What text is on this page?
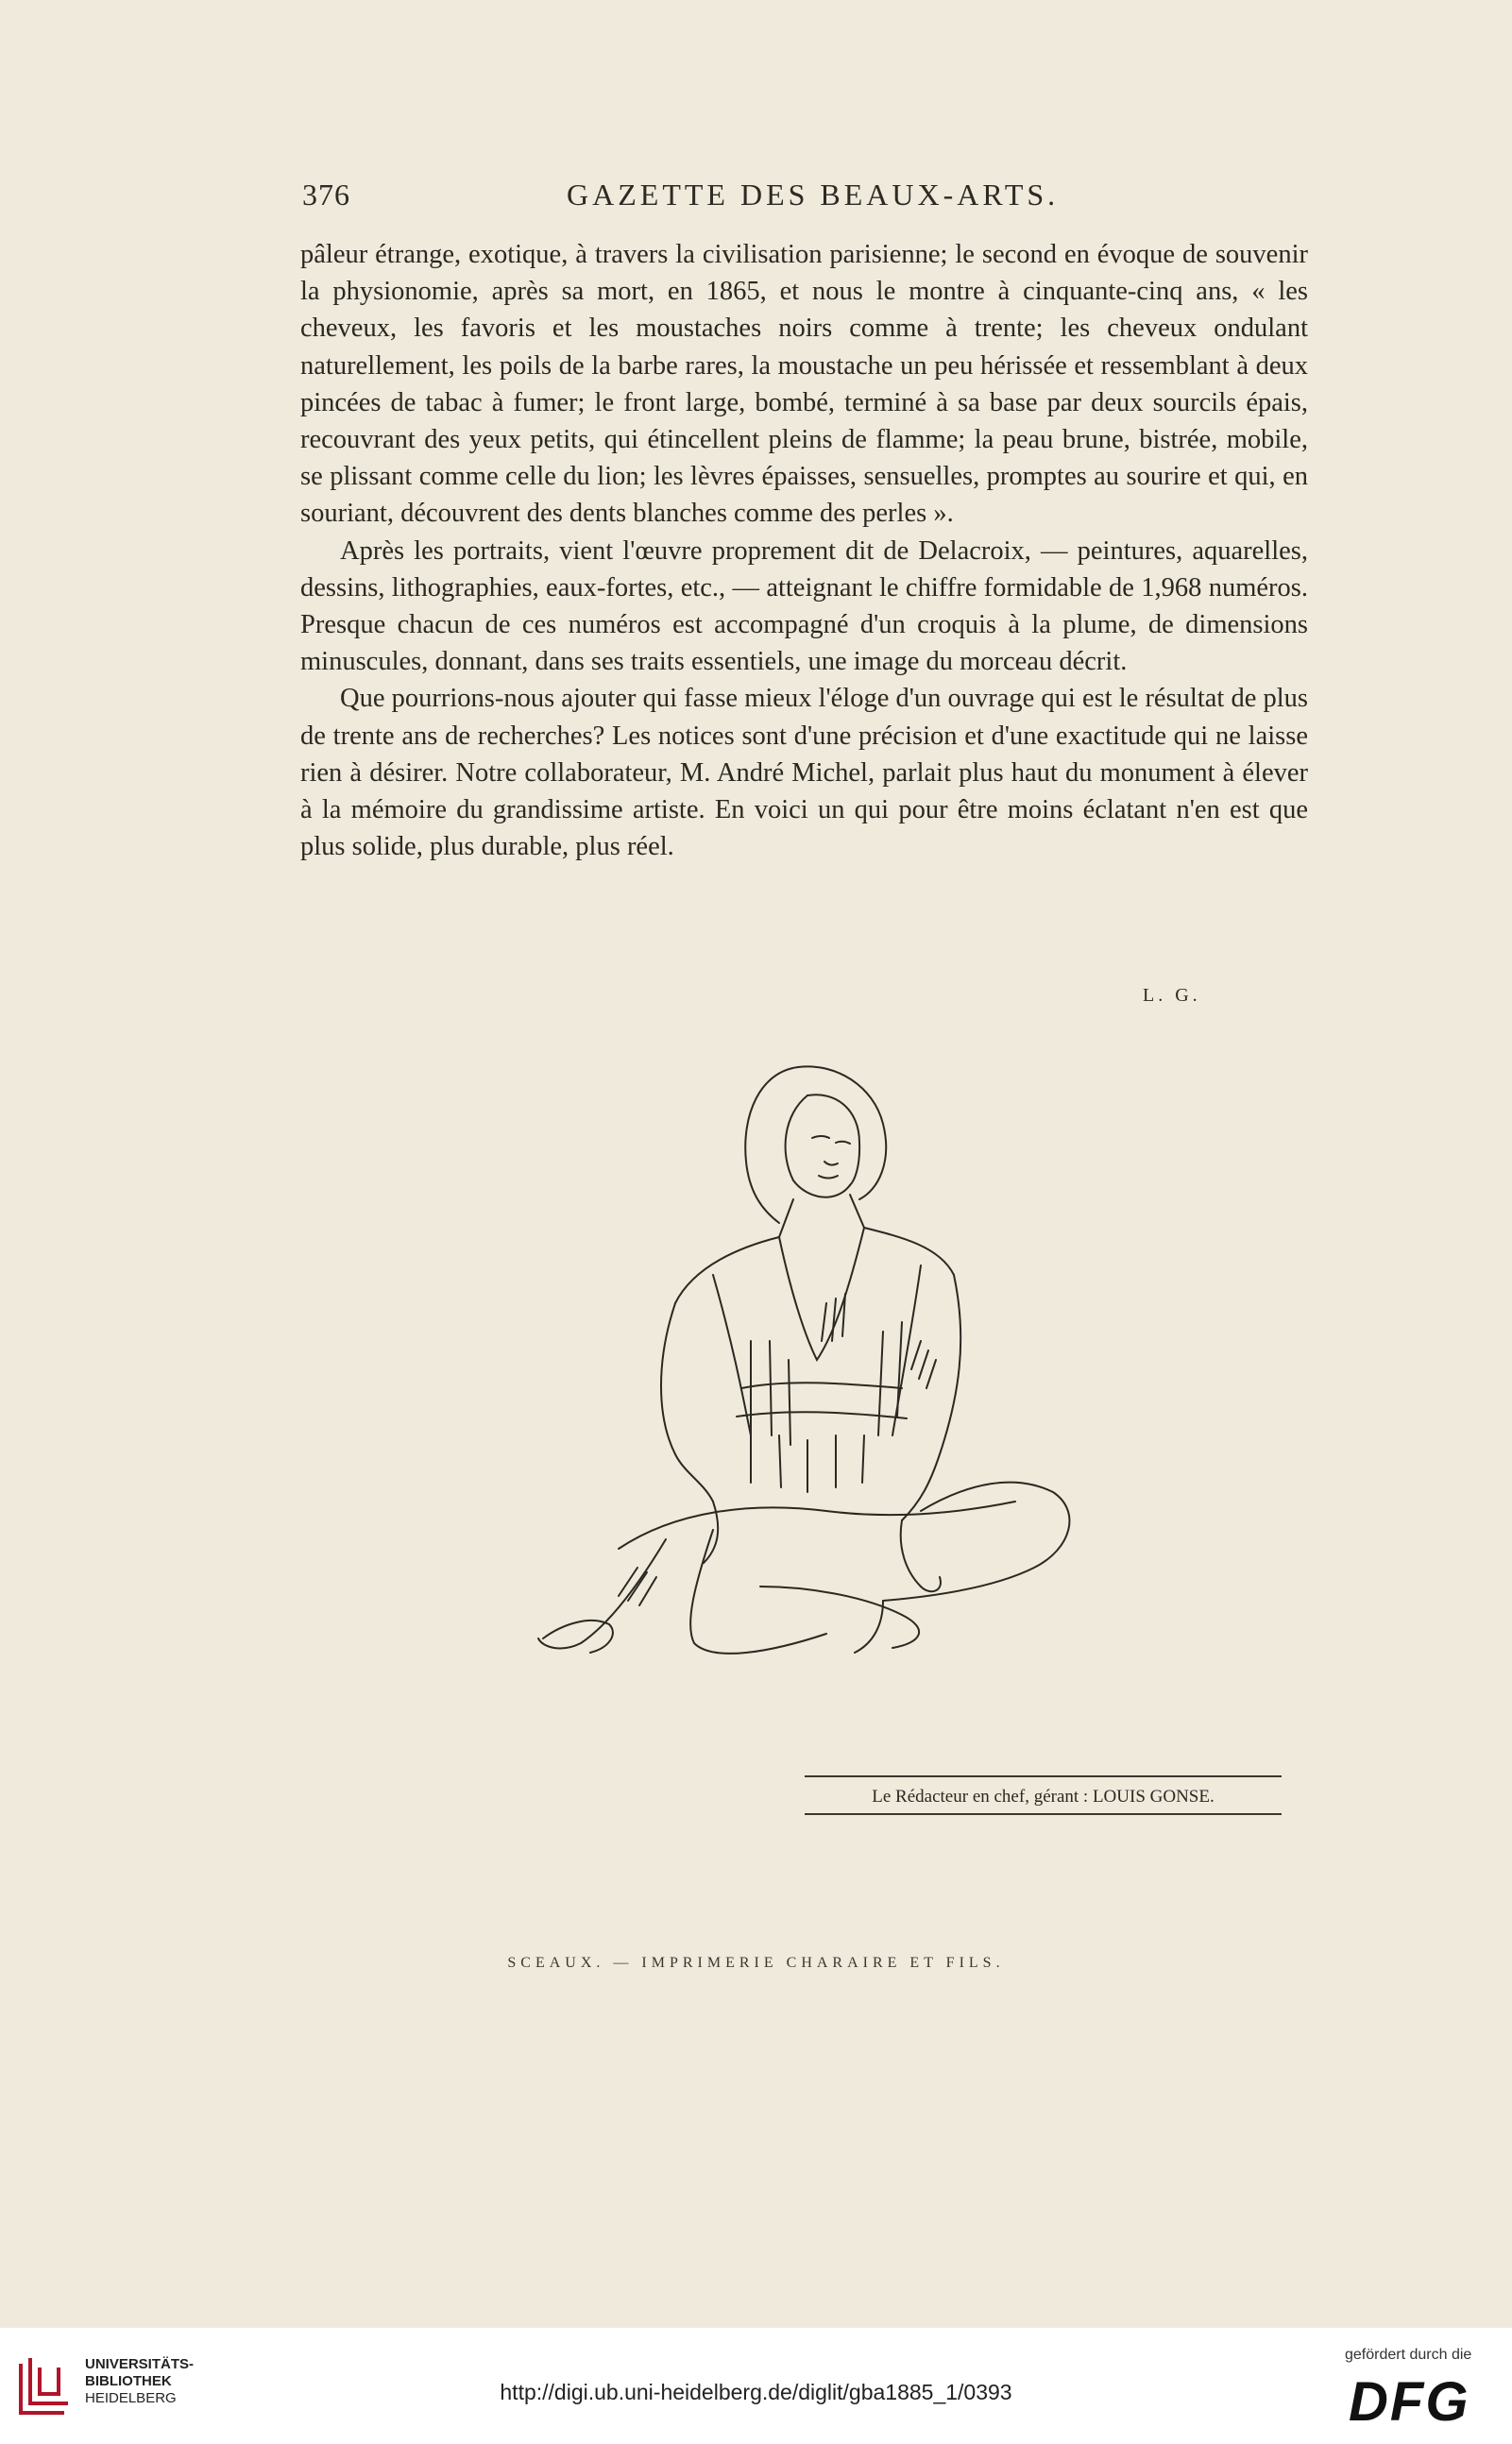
376	GAZETTE DES BEAUX-ARTS.

pâleur étrange, exotique, à travers la civilisation parisienne; le second en évoque de souvenir la physionomie, après sa mort, en 1865, et nous le montre à cinquante-cinq ans, « les cheveux, les favoris et les moustaches noirs comme à trente; les cheveux ondulant naturellement, les poils de la barbe rares, la moustache un peu hérissée et ressemblant à deux pincées de tabac à fumer; le front large, bombé, terminé à sa base par deux sourcils épais, recouvrant des yeux petits, qui étincellent pleins de flamme; la peau brune, bistrée, mobile, se plissant comme celle du lion; les lèvres épaisses, sensuelles, promptes au sourire et qui, en souriant, découvrent des dents blanches comme des perles ».

Après les portraits, vient l'œuvre proprement dit de Delacroix, — peintures, aquarelles, dessins, lithographies, eaux-fortes, etc., — atteignant le chiffre formidable de 1,968 numéros. Presque chacun de ces numéros est accompagné d'un croquis à la plume, de dimensions minuscules, donnant, dans ses traits essentiels, une image du morceau décrit.

Que pourrions-nous ajouter qui fasse mieux l'éloge d'un ouvrage qui est le résultat de plus de trente ans de recherches? Les notices sont d'une précision et d'une exactitude qui ne laisse rien à désirer. Notre collaborateur, M. André Michel, parlait plus haut du monument à élever à la mémoire du grandissime artiste. En voici un qui pour être moins éclatant n'en est que plus solide, plus durable, plus réel.

L. G.
Le Rédacteur en chef, gérant : LOUIS GONSE.
SCEAUX. — IMPRIMERIE CHARAIRE ET FILS.
UNIVERSITÄTS-
BIBLIOTHEK
HEIDELBERG	http://digi.ub.uni-heidelberg.de/diglit/gba1885_1/0393
gefördert durch die
DFG
